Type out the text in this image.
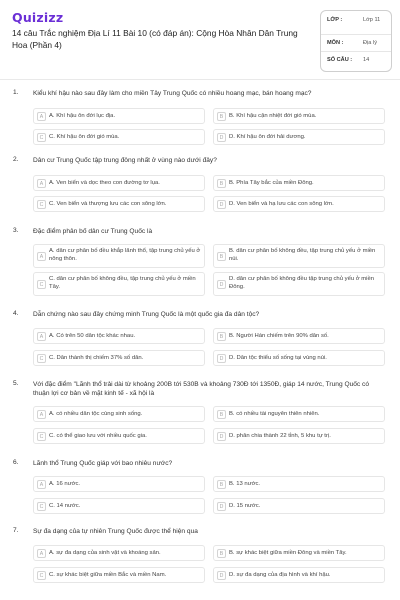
Quizizz
14 câu Trắc nghiệm Địa Lí 11 Bài 10 (có đáp án): Cộng Hòa Nhân Dân Trung Hoa (Phần 4)
LỚP :	Lớp 11
MÔN :	Địa lý
SỐ CÂU : 14
1. Kiểu khí hậu nào sau đây làm cho miền Tây Trung Quốc có nhiều hoang mạc, bán hoang mạc?
A A. Khí hậu ôn đới lục địa.	B B. Khí hậu cận nhiệt đới gió mùa.
C C. Khí hậu ôn đới gió mùa.	D D. Khí hậu ôn đới hải dương.
2. Dân cư Trung Quốc tập trung đông nhất ở vùng nào dưới đây?
A A. Ven biển và dọc theo con đường tơ lụa.	B B. Phía Tây bắc của miền Đông.
C C. Ven biển và thượng lưu các con sông lớn.	D D. Ven biển và hạ lưu các con sông lớn.
3. Đặc điểm phân bố dân cư Trung Quốc là
A
A. dân cư phân bố đều khắp lãnh thổ, tập trung chủ yếu ở nông thôn.	B
B. dân cư phân bố không đều, tập trung chủ yếu ở miền núi.
C
C. dân cư phân bố không đều, tập trung chủ yếu ở miền Tây.	D
D. dân cư phân bố không đều tập trung chủ yếu ở miền Đông.
4. Dẫn chứng nào sau đây chứng minh Trung Quốc là một quốc gia đa dân tộc?
A A. Có trên 50 dân tộc khác nhau.	B B. Người Hán chiếm trên 90% dân số.
C C. Dân thành thị chiếm 37% số dân.	D D. Dân tộc thiểu số sống tại vùng núi.
5. Với đặc điểm "Lãnh thổ trải dài từ khoảng 200B tới 530B và khoảng 730Đ tới 1350Đ, giáp 14 nước, Trung Quốc có thuận lợi cơ bản về mặt kinh tế - xã hội là
A A. có nhiều dân tộc cùng sinh sống.	B B. có nhiều tài nguyên thiên nhiên.
C C. có thể giao lưu với nhiều quốc gia.	D D. phân chia thành 22 tỉnh, 5 khu tự trị.
6. Lãnh thổ Trung Quốc giáp với bao nhiêu nước?
A A. 16 nước.	B B. 13 nước.
C C. 14 nước.	D D. 15 nước.
7. Sự đa dạng của tự nhiên Trung Quốc được thể hiện qua
A A. sự đa dạng của sinh vật và khoáng sản.	B B. sự khác biệt giữa miền Đông và miền Tây.
C C. sự khác biệt giữa miền Bắc và miền Nam.	D D. sự đa dạng của địa hình và khí hậu.
